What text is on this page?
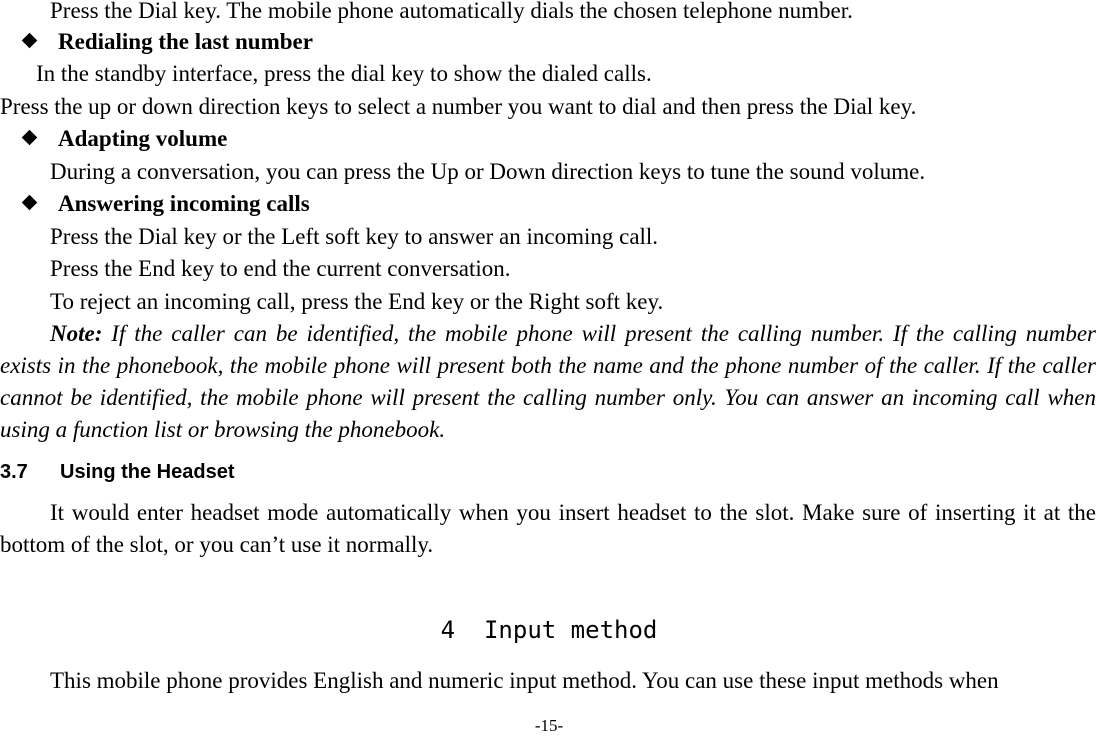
Press the Dial key. The mobile phone automatically dials the chosen telephone number.
Redialing the last number
In the standby interface, press the dial key to show the dialed calls.
Press the up or down direction keys to select a number you want to dial and then press the Dial key.
Adapting volume
During a conversation, you can press the Up or Down direction keys to tune the sound volume.
Answering incoming calls
Press the Dial key or the Left soft key to answer an incoming call.
Press the End key to end the current conversation.
To reject an incoming call, press the End key or the Right soft key.
Note: If the caller can be identified, the mobile phone will present the calling number. If the calling number exists in the phonebook, the mobile phone will present both the name and the phone number of the caller. If the caller cannot be identified, the mobile phone will present the calling number only. You can answer an incoming call when using a function list or browsing the phonebook.
3.7 Using the Headset
It would enter headset mode automatically when you insert headset to the slot. Make sure of inserting it at the bottom of the slot, or you can’t use it normally.
4 Input method
This mobile phone provides English and numeric input method. You can use these input methods when
-15-
